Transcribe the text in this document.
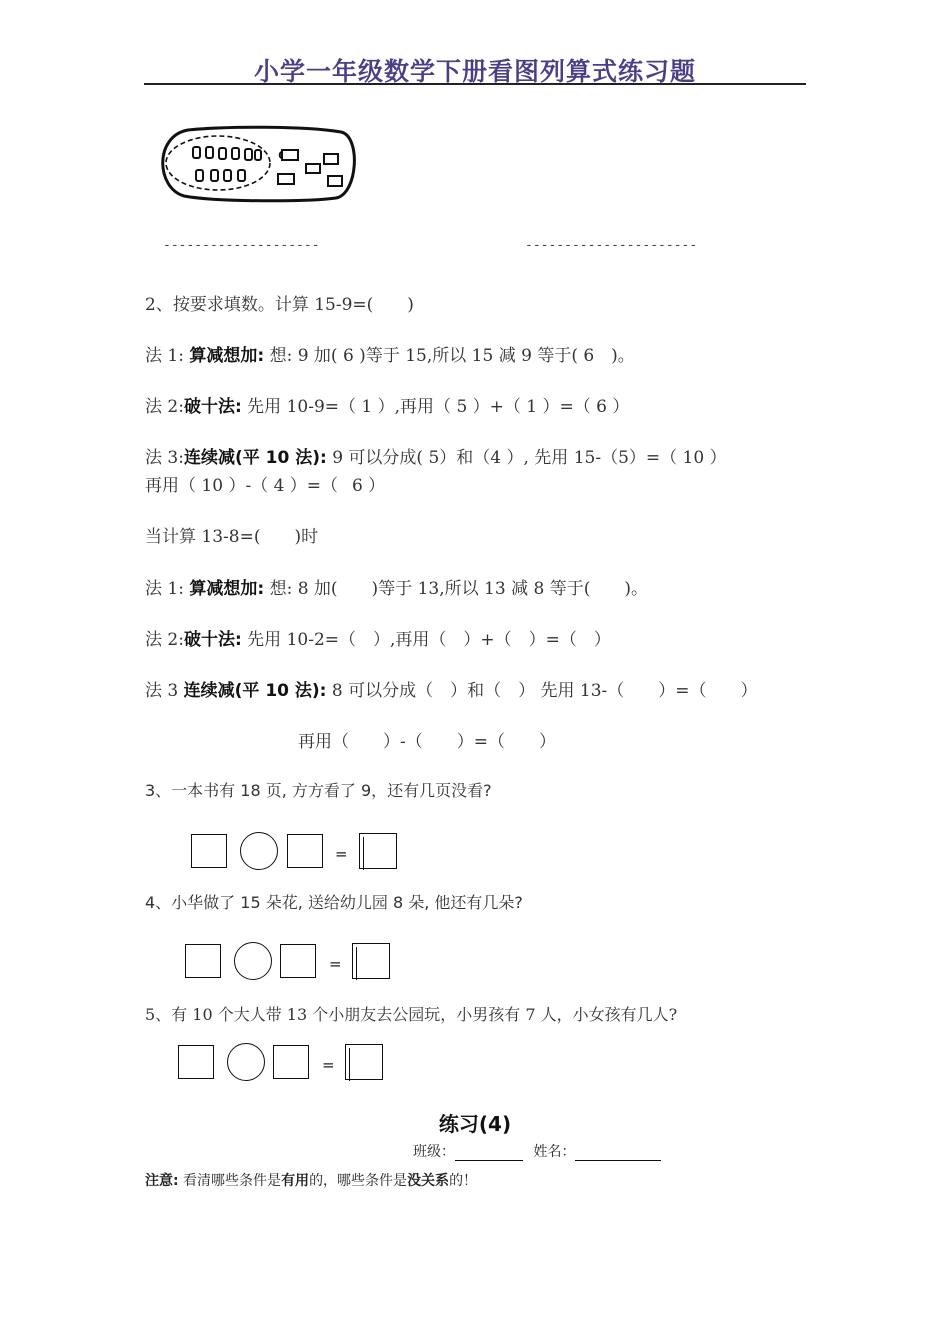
小学一年级数学下册看图列算式练习题
--------------------	----------------------
2、按要求填数。计算 15-9=(　　)
法 1: 算减想加: 想: 9 加( 6 )等于 15,所以 15 减 9 等于( 6　)。
法 2:破十法: 先用 10-9=（ 1 ）,再用（ 5 ）+（ 1 ）=（ 6 ）
法 3:连续减(平 10 法): 9 可以分成( 5）和（4 ）, 先用 15-（5）=（ 10 ）
再用（ 10 ）-（ 4 ）=（  6 ）
当计算 13-8=(　　)时
法 1: 算减想加: 想: 8 加(　　)等于 13,所以 13 减 8 等于(　　)。
法 2:破十法: 先用 10-2=（　）,再用（　）+（　）=（　）
法 3 连续减(平 10 法): 8 可以分成（　）和（　） 先用 13-（　　）=（　　）
再用（　　）-（　　）=（　　）
3、一本书有 18 页, 方方看了 9，还有几页没看?
=
4、小华做了 15 朵花, 送给幼儿园 8 朵, 他还有几朵?
=
5、有 10 个大人带 13 个小朋友去公园玩，小男孩有 7 人，小女孩有几人?
=
练习(4)
班级：	姓名：
注意: 看清哪些条件是有用的，哪些条件是没关系的！
